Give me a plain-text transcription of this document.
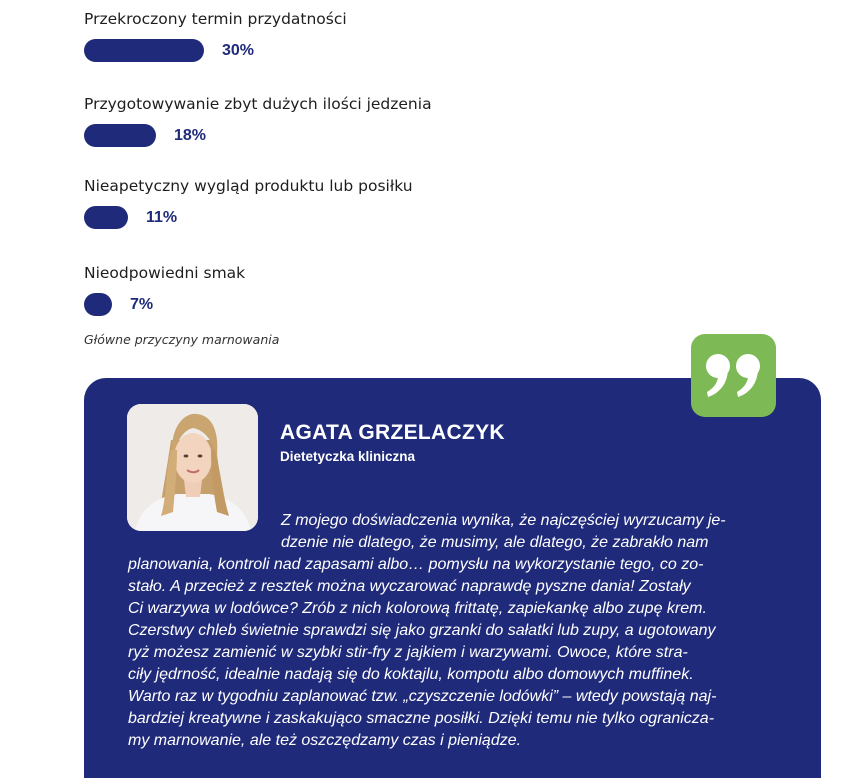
Przekroczony termin przydatności
30%
Przygotowywanie zbyt dużych ilości jedzenia
18%
Nieapetyczny wygląd produktu lub posiłku
11%
Nieodpowiedni smak
7%
Główne przyczyny marnowania
AGATA GRZELACZYK
Dietetyczka kliniczna
Z mojego doświadczenia wynika, że najczęściej wyrzucamy je-
dzenie nie dlatego, że musimy, ale dlatego, że zabrakło nam
planowania, kontroli nad zapasami albo… pomysłu na wykorzystanie tego, co zo-
stało. A przecież z resztek można wyczarować naprawdę pyszne dania! Zostały
Ci warzywa w lodówce? Zrób z nich kolorową frittatę, zapiekankę albo zupę krem.
Czerstwy chleb świetnie sprawdzi się jako grzanki do sałatki lub zupy, a ugotowany
ryż możesz zamienić w szybki stir-fry z jajkiem i warzywami. Owoce, które stra-
ciły jędrność, idealnie nadają się do koktajlu, kompotu albo domowych muffinek.
Warto raz w tygodniu zaplanować tzw. „czyszczenie lodówki” – wtedy powstają naj-
bardziej kreatywne i zaskakująco smaczne posiłki. Dzięki temu nie tylko ogranicza-
my marnowanie, ale też oszczędzamy czas i pieniądze.
